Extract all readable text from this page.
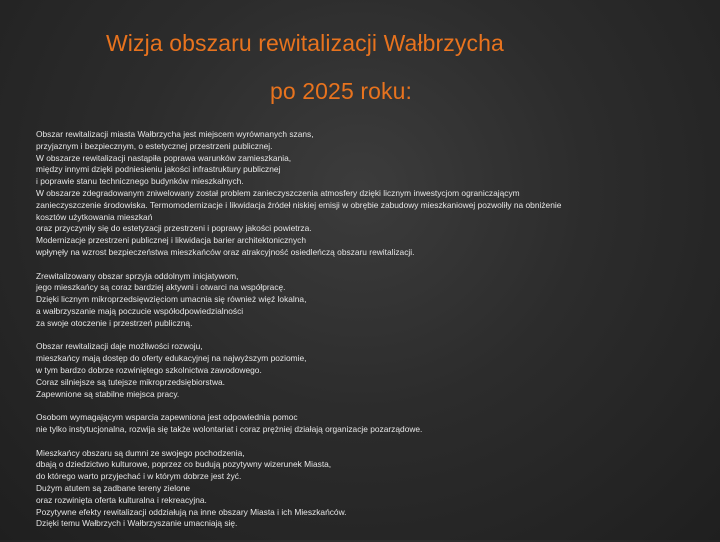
Wizja obszaru rewitalizacji Wałbrzycha
po 2025 roku:

Obszar rewitalizacji miasta Wałbrzycha jest miejscem wyrównanych szans,
przyjaznym i bezpiecznym, o estetycznej przestrzeni publicznej.
W obszarze rewitalizacji nastąpiła poprawa warunków zamieszkania,
między innymi dzięki podniesieniu jakości infrastruktury publicznej
i poprawie stanu technicznego budynków mieszkalnych.
W obszarze zdegradowanym zniwelowany został problem zanieczyszczenia atmosfery dzięki licznym inwestycjom ograniczającym
zanieczyszczenie środowiska. Termomodernizacje i likwidacja źródeł niskiej emisji w obrębie zabudowy mieszkaniowej pozwoliły na obniżenie
kosztów użytkowania mieszkań
oraz przyczyniły się do estetyzacji przestrzeni i poprawy jakości powietrza.
Modernizacje przestrzeni publicznej i likwidacja barier architektonicznych
wpłynęły na wzrost bezpieczeństwa mieszkańców oraz atrakcyjność osiedleńczą obszaru rewitalizacji.

Zrewitalizowany obszar sprzyja oddolnym inicjatywom,
jego mieszkańcy są coraz bardziej aktywni i otwarci na współpracę.
Dzięki licznym mikroprzedsięwzięciom umacnia się również więź lokalna,
a wałbrzyszanie mają poczucie współodpowiedzialności
za swoje otoczenie i przestrzeń publiczną.

Obszar rewitalizacji daje możliwości rozwoju,
mieszkańcy mają dostęp do oferty edukacyjnej na najwyższym poziomie,
w tym bardzo dobrze rozwiniętego szkolnictwa zawodowego.
Coraz silniejsze są tutejsze mikroprzedsiębiorstwa.
Zapewnione są stabilne miejsca pracy.

Osobom wymagającym wsparcia zapewniona jest odpowiednia pomoc
nie tylko instytucjonalna, rozwija się także wolontariat i coraz prężniej działają organizacje pozarządowe.

Mieszkańcy obszaru są dumni ze swojego pochodzenia,
dbają o dziedzictwo kulturowe, poprzez co budują pozytywny wizerunek Miasta,
do którego warto przyjechać i w którym dobrze jest żyć.
Dużym atutem są zadbane tereny zielone
oraz rozwinięta oferta kulturalna i rekreacyjna.
Pozytywne efekty rewitalizacji oddziałują na inne obszary Miasta i ich Mieszkańców.
Dzięki temu Wałbrzych i Wałbrzyszanie umacniają się.
